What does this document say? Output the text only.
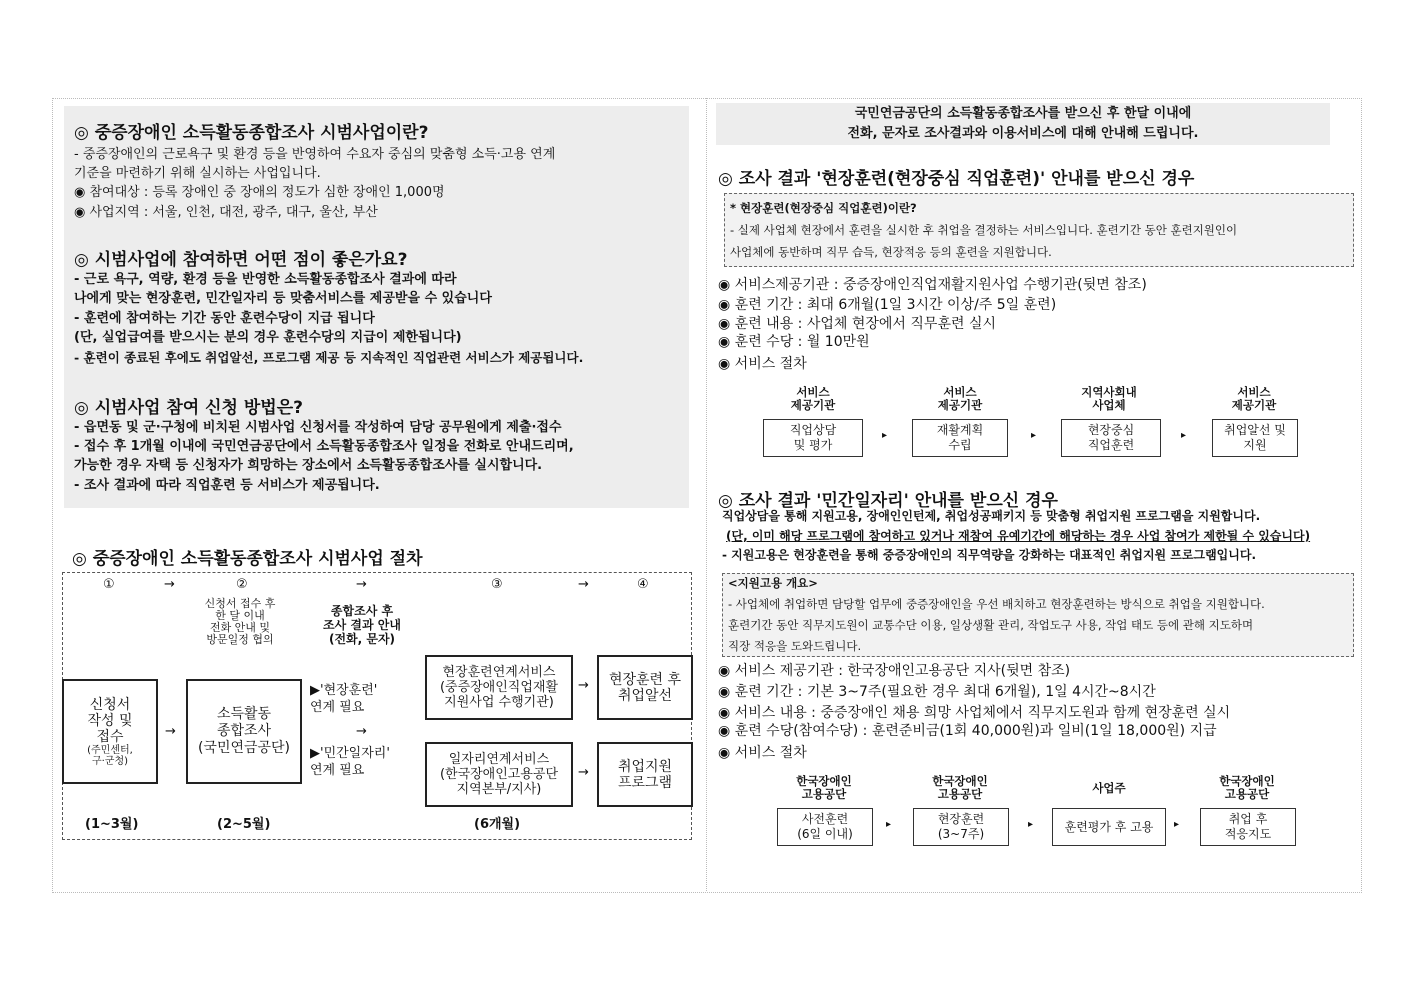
◎ 중증장애인 소득활동종합조사 시범사업이란?
- 중증장애인의 근로욕구 및 환경 등을 반영하여 수요자 중심의 맞춤형 소득·고용 연계
기준을 마련하기 위해 실시하는 사업입니다.
◉ 참여대상 : 등록 장애인 중 장애의 정도가 심한 장애인 1,000명
◉ 사업지역 : 서울, 인천, 대전, 광주, 대구, 울산, 부산
◎ 시범사업에 참여하면 어떤 점이 좋은가요?
- 근로 욕구, 역량, 환경 등을 반영한 소득활동종합조사 결과에 따라
나에게 맞는 현장훈련, 민간일자리 등 맞춤서비스를 제공받을 수 있습니다
- 훈련에 참여하는 기간 동안 훈련수당이 지급 됩니다
(단, 실업급여를 받으시는 분의 경우 훈련수당의 지급이 제한됩니다)
- 훈련이 종료된 후에도 취업알선, 프로그램 제공 등 지속적인 직업관련 서비스가 제공됩니다.
◎ 시범사업 참여 신청 방법은?
- 읍면동 및 군·구청에 비치된 시범사업 신청서를 작성하여 담당 공무원에게 제출·접수
- 접수 후 1개월 이내에 국민연금공단에서 소득활동종합조사 일정을 전화로 안내드리며,
가능한 경우 자택 등 신청자가 희망하는 장소에서 소득활동종합조사를 실시합니다.
- 조사 결과에 따라 직업훈련 등 서비스가 제공됩니다.
◎ 중증장애인 소득활동종합조사 시범사업 절차
①	→	②	→	③	→	④
신청서 접수 후
한 달 이내
전화 안내 및
방문일정 협의
종합조사 후
조사 결과 안내
(전화, 문자)
신청서
작성 및
접수
(주민센터,
구·군청)
→
소득활동
종합조사
(국민연금공단)
▶'현장훈련'
연계 필요
→
▶'민간일자리'
연계 필요
현장훈련연계서비스
(중증장애인직업재활
지원사업 수행기관)
→	현장훈련 후
취업알선
일자리연계서비스
(한국장애인고용공단
지역본부/지사)
→	취업지원
프로그램
(1~3월)	(2~5월)	(6개월)
국민연금공단의 소득활동종합조사를 받으신 후 한달 이내에
전화, 문자로 조사결과와 이용서비스에 대해 안내해 드립니다.
◎ 조사 결과 '현장훈련(현장중심 직업훈련)' 안내를 받으신 경우
* 현장훈련(현장중심 직업훈련)이란?
- 실제 사업체 현장에서 훈련을 실시한 후 취업을 결정하는 서비스입니다. 훈련기간 동안 훈련지원인이
사업체에 동반하며 직무 습득, 현장적응 등의 훈련을 지원합니다.
◉ 서비스제공기관 : 중증장애인직업재활지원사업 수행기관(뒷면 참조)
◉ 훈련 기간 : 최대 6개월(1일 3시간 이상/주 5일 훈련)
◉ 훈련 내용 : 사업체 현장에서 직무훈련 실시
◉ 훈련 수당 : 월 10만원
◉ 서비스 절차
서비스
제공기관
서비스
제공기관
지역사회내
사업체
서비스
제공기관
직업상담
및 평가
▸	재활계획
수립
▸	현장중심
직업훈련
▸	취업알선 및
지원
◎ 조사 결과 '민간일자리' 안내를 받으신 경우
직업상담을 통해 지원고용, 장애인인턴제, 취업성공패키지 등 맞춤형 취업지원 프로그램을 지원합니다.
(단, 이미 해당 프로그램에 참여하고 있거나 재참여 유예기간에 해당하는 경우 사업 참여가 제한될 수 있습니다)
- 지원고용은 현장훈련을 통해 중증장애인의 직무역량을 강화하는 대표적인 취업지원 프로그램입니다.
<지원고용 개요>
- 사업체에 취업하면 담당할 업무에 중증장애인을 우선 배치하고 현장훈련하는 방식으로 취업을 지원합니다.
훈련기간 동안 직무지도원이 교통수단 이용, 일상생활 관리, 작업도구 사용, 작업 태도 등에 관해 지도하며
직장 적응을 도와드립니다.
◉ 서비스 제공기관 : 한국장애인고용공단 지사(뒷면 참조)
◉ 훈련 기간 : 기본 3~7주(필요한 경우 최대 6개월), 1일 4시간~8시간
◉ 서비스 내용 : 중증장애인 채용 희망 사업체에서 직무지도원과 함께 현장훈련 실시
◉ 훈련 수당(참여수당) : 훈련준비금(1회 40,000원)과 일비(1일 18,000원) 지급
◉ 서비스 절차
한국장애인
고용공단
한국장애인
고용공단	사업주	한국장애인
고용공단
사전훈련
(6일 이내)
▸	현장훈련
(3~7주)
▸	훈련평가 후 고용	▸	취업 후
적응지도
